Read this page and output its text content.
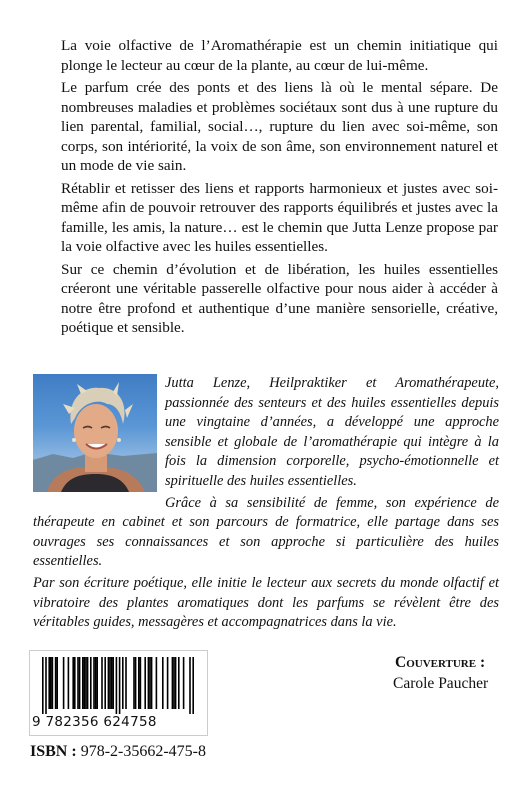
La voie olfactive de l’Aromathérapie est un chemin initiatique qui plonge le lecteur au cœur de la plante, au cœur de lui-même.

Le parfum crée des ponts et des liens là où le mental sépare. De nombreuses maladies et problèmes sociétaux sont dus à une rupture du lien parental, familial, social…, rupture du lien avec soi-même, son corps, son intériorité, la voix de son âme, son environnement naturel et un mode de vie sain.

Rétablir et retisser des liens et rapports harmonieux et justes avec soi-même afin de pouvoir retrouver des rapports équilibrés et justes avec la famille, les amis, la nature… est le chemin que Jutta Lenze propose par la voie olfactive avec les huiles essentielles.

Sur ce chemin d’évolution et de libération, les huiles essentielles créeront une véritable passerelle olfactive pour nous aider à accéder à notre être profond et authentique d’une manière sensorielle, créative, poétique et sensible.

Jutta Lenze, Heilpraktiker et Aromathérapeute, passionnée des senteurs et des huiles essentielles depuis une vingtaine d’années, a développé une approche sensible et globale de l’aromathérapie qui intègre à la fois la dimension corporelle, psycho-émotionnelle et spirituelle des huiles essentielles.

Grâce à sa sensibilité de femme, son expérience de thérapeute en cabinet et son parcours de formatrice, elle partage dans ses ouvrages ses connaissances et son approche si particulière des huiles essentielles.

Par son écriture poétique, elle initie le lecteur aux secrets du monde olfactif et vibratoire des plantes aromatiques dont les parfums se révèlent être des véritables guides, messagères et accompagnatrices dans la vie.

9 782356 624758
ISBN : 978-2-35662-475-8
Couverture :
Carole Paucher
